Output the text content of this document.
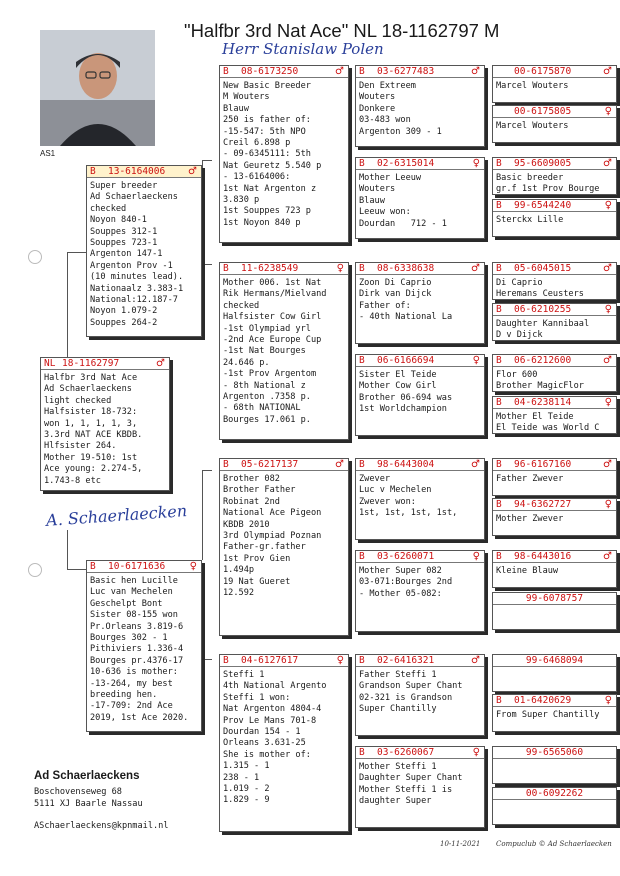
"Halfbr 3rd Nat Ace" NL 18-1162797 M
Herr Stanislaw Polen
AS1
NL 18-1162797	♂
Halfbr 3rd Nat Ace
Ad Schaerlaeckens
light checked
Halfsister 18-732:
won 1, 1, 1, 1, 3,
3.3rd NAT ACE KBDB.
Hlfsister 264.
Mother 19-510: 1st
Ace young: 2.274-5,
1.743-8 etc
A. Schaerlaecken
B 13-6164006 ♂
Super breeder
Ad Schaerlaeckens
checked
Noyon 840-1
Souppes 312-1
Souppes 723-1
Argenton 147-1
Argenton Prov -1
(10 minutes lead).
Nationaalz 3.383-1
National:12.187-7
Noyon 1.079-2
Souppes 264-2
B 10-6171636 ♀
Basic hen Lucille
Luc van Mechelen
Geschelpt Bont
Sister 08-155 won
Pr.Orleans 3.819-6
Bourges 302 - 1
Pithiviers 1.336-4
Bourges pr.4376-17
10-636 is mother:
-13-264, my best
breeding hen.
-17-709: 2nd Ace
2019, 1st Ace 2020.
B 08-6173250	♂
New Basic Breeder
M Wouters
Blauw
250 is father of:
-15-547: 5th NPO
Creil 6.898 p
- 09-6345111: 5th
Nat Geuretz 5.540 p
- 13-6164006:
1st Nat Argenton z
3.830 p
1st Souppes 723 p
1st Noyon 840 p
B 11-6238549	♀
Mother 006. 1st Nat
Rik Hermans/Mielvand
checked
Halfsister Cow Girl
-1st Olympiad yrl
-2nd Ace Europe Cup
-1st Nat Bourges
24.646 p.
-1st Prov Argentom
- 8th National z
Argenton .7358 p.
- 68th NATIONAL
Bourges 17.061 p.
B 05-6217137	♂
Brother 082
Brother Father
Robinat 2nd
National Ace Pigeon
KBDB 2010
3rd Olympiad Poznan
Father-gr.father
1st Prov Gien
1.494p
19 Nat Gueret
12.592
B 04-6127617	♀
Steffi 1
4th National Argento
Steffi 1 won:
Nat Argenton 4804-4
Prov Le Mans 701-8
Dourdan 154 - 1
Orleans 3.631-25
She is mother of:
1.315 - 1
238 - 1
1.019 - 2
1.829 - 9
B 03-6277483	♂
Den Extreem
Wouters
Donkere
03-483 won
Argenton 309 - 1
B 02-6315014	♀
Mother Leeuw
Wouters
Blauw
Leeuw won:
Dourdan   712 - 1
B 08-6338638	♂
Zoon Di Caprio
Dirk van Dijck
Father of:
- 40th National La
B 06-6166694	♀
Sister El Teide
Mother Cow Girl
Brother 06-694 was
1st Worldchampion
B 98-6443004	♂
Zwever
Luc v Mechelen
Zwever won:
1st, 1st, 1st, 1st,
B 03-6260071	♀
Mother Super 082
03-071:Bourges 2nd
- Mother 05-082:
B 02-6416321	♂
Father Steffi 1
Grandson Super Chant
02-321 is Grandson
Super Chantilly
B 03-6260067	♀
Mother Steffi 1
Daughter Super Chant
Mother Steffi 1 is
daughter Super
00-6175870	♂
Marcel Wouters
00-6175805	♀
Marcel Wouters
B 95-6609005	♂
Basic breeder
gr.f 1st Prov Bourge
B 99-6544240	♀
Sterckx Lille
B 05-6045015	♂
Di Caprio
Heremans Ceusters
B 06-6210255	♀
Daughter Kannibaal
D v Dijck
B 06-6212600	♂
Flor 600
Brother MagicFlor
B 04-6238114	♀
Mother El Teide
El Teide was World C
B 96-6167160	♂
Father Zwever
B 94-6362727	♀
Mother Zwever
B 98-6443016	♂
Kleine Blauw
99-6078757
99-6468094
B 01-6420629	♀
From Super Chantilly
99-6565060
00-6092262
Ad Schaerlaeckens
Boschovenseweg 68
5111 XJ Baarle Nassau
ASchaerlaeckens@kpnmail.nl
10-11-2021 Compuclub © Ad Schaerlaecken
